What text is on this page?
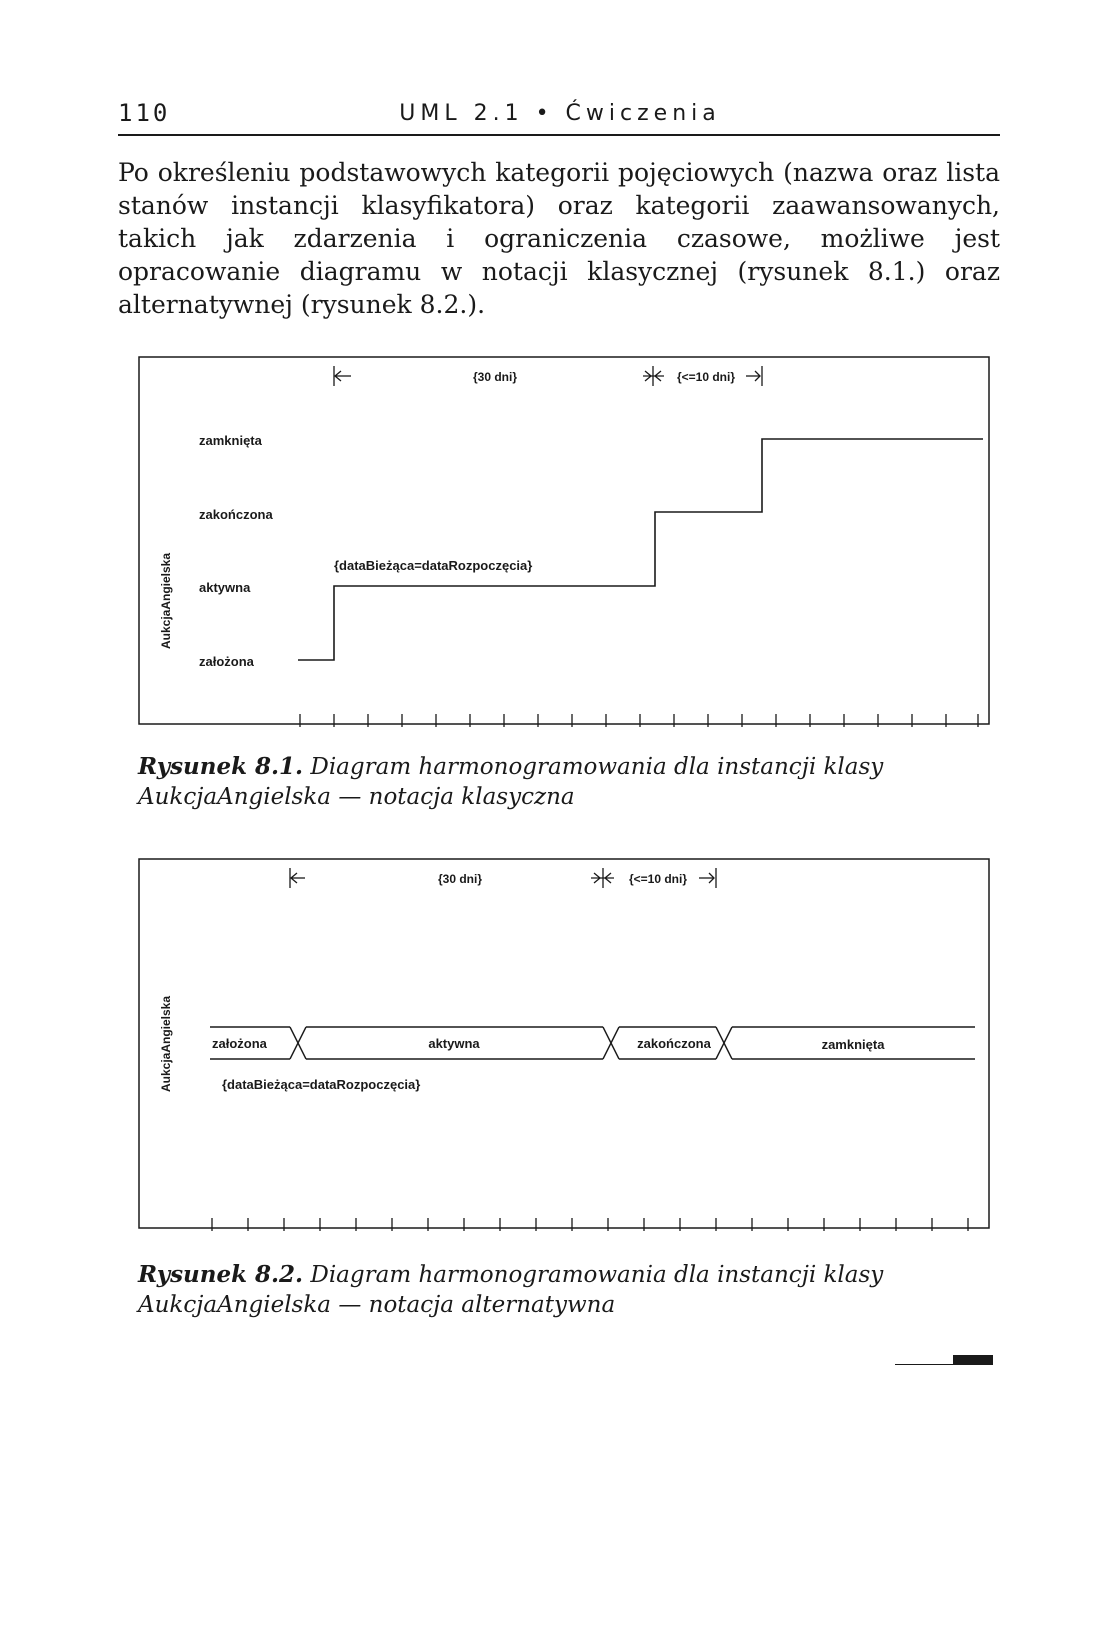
110	UML 2.1 • Ćwiczenia

Po określeniu podstawowych kategorii pojęciowych (nazwa oraz lista stanów instancji klasyfikatora) oraz kategorii zaawansowanych, takich jak zdarzenia i ograniczenia czasowe, możliwe jest opracowanie diagramu w notacji klasycznej (rysunek 8.1.) oraz alternatywnej (rysunek 8.2.).

AukcjaAngielska
zamknięta
zakończona
aktywna
założona
{dataBieżąca=dataRozpoczęcia}
{30 dni}	{<=10 dni}

Rysunek 8.1. Diagram harmonogramowania dla instancji klasy AukcjaAngielska — notacja klasyczna

AukcjaAngielska	założona	aktywna	zakończona	zamknięta
{dataBieżąca=dataRozpoczęcia}
{30 dni}	{<=10 dni}

Rysunek 8.2. Diagram harmonogramowania dla instancji klasy AukcjaAngielska — notacja alternatywna
